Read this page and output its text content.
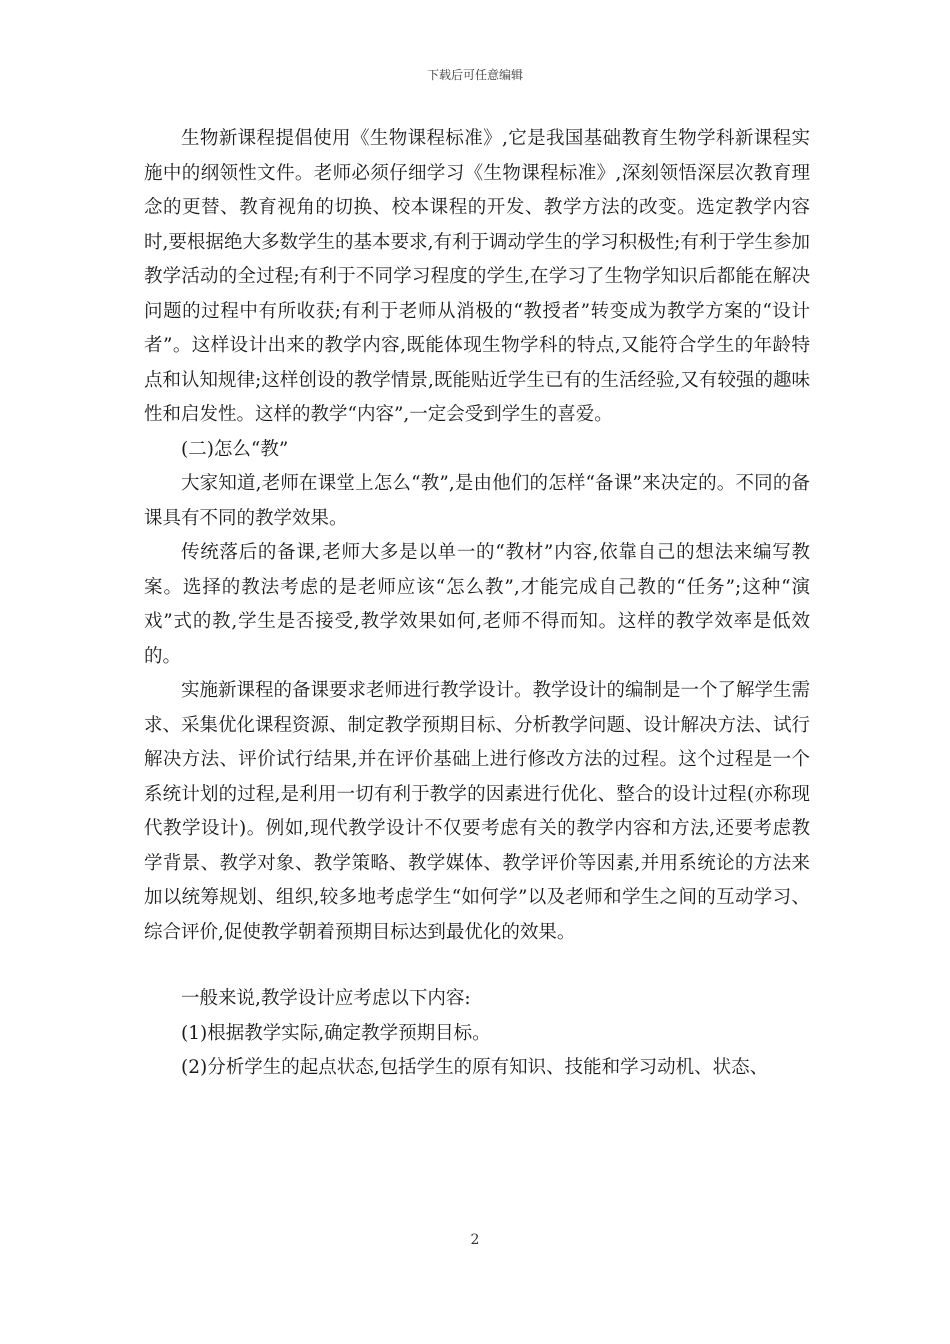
下载后可任意编辑

生物新课程提倡使用《生物课程标准》,它是我国基础教育生物学科新课程实施中的纲领性文件。老师必须仔细学习《生物课程标准》,深刻领悟深层次教育理念的更替、教育视角的切换、校本课程的开发、教学方法的改变。选定教学内容时,要根据绝大多数学生的基本要求,有利于调动学生的学习积极性;有利于学生参加教学活动的全过程;有利于不同学习程度的学生,在学习了生物学知识后都能在解决问题的过程中有所收获;有利于老师从消极的“教授者”转变成为教学方案的“设计者”。这样设计出来的教学内容,既能体现生物学科的特点,又能符合学生的年龄特点和认知规律;这样创设的教学情景,既能贴近学生已有的生活经验,又有较强的趣味性和启发性。这样的教学“内容”,一定会受到学生的喜爱。

(二)怎么“教”

大家知道,老师在课堂上怎么“教”,是由他们的怎样“备课”来决定的。不同的备课具有不同的教学效果。

传统落后的备课,老师大多是以单一的“教材”内容,依靠自己的想法来编写教案。选择的教法考虑的是老师应该“怎么教”,才能完成自己教的“任务”;这种“演戏”式的教,学生是否接受,教学效果如何,老师不得而知。这样的教学效率是低效的。

实施新课程的备课要求老师进行教学设计。教学设计的编制是一个了解学生需求、采集优化课程资源、制定教学预期目标、分析教学问题、设计解决方法、试行解决方法、评价试行结果,并在评价基础上进行修改方法的过程。这个过程是一个系统计划的过程,是利用一切有利于教学的因素进行优化、整合的设计过程(亦称现代教学设计)。例如,现代教学设计不仅要考虑有关的教学内容和方法,还要考虑教学背景、教学对象、教学策略、教学媒体、教学评价等因素,并用系统论的方法来加以统筹规划、组织,较多地考虑学生“如何学”以及老师和学生之间的互动学习、综合评价,促使教学朝着预期目标达到最优化的效果。

一般来说,教学设计应考虑以下内容:

(1)根据教学实际,确定教学预期目标。

(2)分析学生的起点状态,包括学生的原有知识、技能和学习动机、状态、

2
